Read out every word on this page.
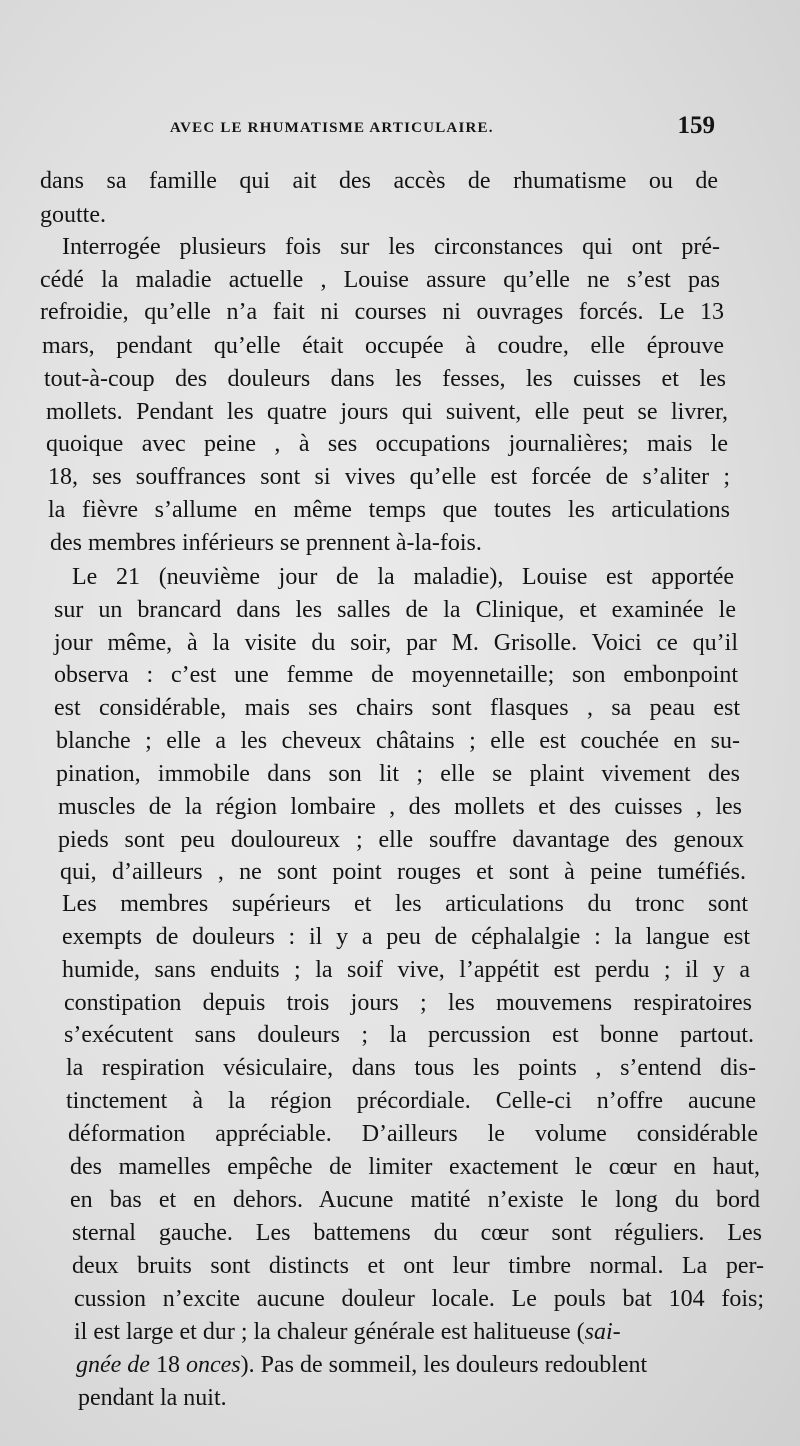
AVEC LE RHUMATISME ARTICULAIRE.	159
dans sa famille qui ait des accès de rhumatisme ou de
goutte.
Interrogée plusieurs fois sur les circonstances qui ont pré-
cédé la maladie actuelle , Louise assure qu’elle ne s’est pas
refroidie, qu’elle n’a fait ni courses ni ouvrages forcés. Le 13
mars, pendant qu’elle était occupée à coudre, elle éprouve
tout-à-coup des douleurs dans les fesses, les cuisses et les
mollets. Pendant les quatre jours qui suivent, elle peut se livrer,
quoique avec peine , à ses occupations journalières; mais le
18, ses souffrances sont si vives qu’elle est forcée de s’aliter ;
la fièvre s’allume en même temps que toutes les articulations
des membres inférieurs se prennent à-la-fois.
Le 21 (neuvième jour de la maladie), Louise est apportée
sur un brancard dans les salles de la Clinique, et examinée le
jour même, à la visite du soir, par M. Grisolle. Voici ce qu’il
observa : c’est une femme de moyennetaille; son embonpoint
est considérable, mais ses chairs sont flasques , sa peau est
blanche ; elle a les cheveux châtains ; elle est couchée en su-
pination, immobile dans son lit ; elle se plaint vivement des
muscles de la région lombaire , des mollets et des cuisses , les
pieds sont peu douloureux ; elle souffre davantage des genoux
qui, d’ailleurs , ne sont point rouges et sont à peine tuméfiés.
Les membres supérieurs et les articulations du tronc sont
exempts de douleurs : il y a peu de céphalalgie : la langue est
humide, sans enduits ; la soif vive, l’appétit est perdu ; il y a
constipation depuis trois jours ; les mouvemens respiratoires
s’exécutent sans douleurs ; la percussion est bonne partout.
la respiration vésiculaire, dans tous les points , s’entend dis-
tinctement à la région précordiale. Celle-ci n’offre aucune
déformation appréciable. D’ailleurs le volume considérable
des mamelles empêche de limiter exactement le cœur en haut,
en bas et en dehors. Aucune matité n’existe le long du bord
sternal gauche. Les battemens du cœur sont réguliers. Les
deux bruits sont distincts et ont leur timbre normal. La per-
cussion n’excite aucune douleur locale. Le pouls bat 104 fois;
il est large et dur ; la chaleur générale est halitueuse (sai-
gnée de 18 onces). Pas de sommeil, les douleurs redoublent
pendant la nuit.
